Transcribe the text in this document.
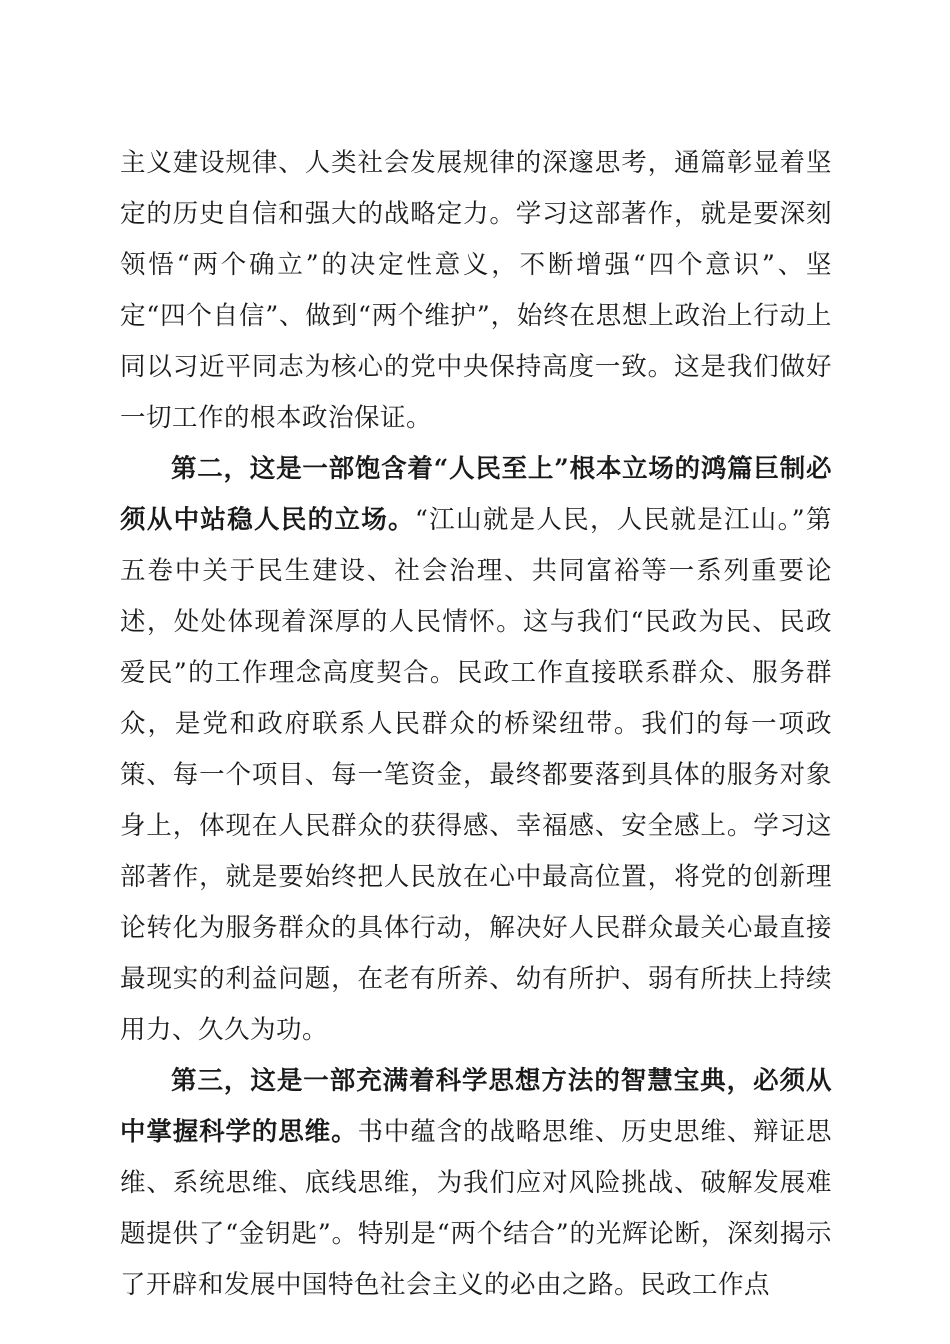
主义建设规律、人类社会发展规律的深邃思考，通篇彰显着坚定的历史自信和强大的战略定力。学习这部著作，就是要深刻领悟“两个确立”的决定性意义，不断增强“四个意识”、坚定“四个自信”、做到“两个维护”，始终在思想上政治上行动上同以习近平同志为核心的党中央保持高度一致。这是我们做好一切工作的根本政治保证。

第二，这是一部饱含着“人民至上”根本立场的鸿篇巨制必须从中站稳人民的立场。“江山就是人民，人民就是江山。”第五卷中关于民生建设、社会治理、共同富裕等一系列重要论述，处处体现着深厚的人民情怀。这与我们“民政为民、民政爱民”的工作理念高度契合。民政工作直接联系群众、服务群众，是党和政府联系人民群众的桥梁纽带。我们的每一项政策、每一个项目、每一笔资金，最终都要落到具体的服务对象身上，体现在人民群众的获得感、幸福感、安全感上。学习这部著作，就是要始终把人民放在心中最高位置，将党的创新理论转化为服务群众的具体行动，解决好人民群众最关心最直接最现实的利益问题，在老有所养、幼有所护、弱有所扶上持续用力、久久为功。

第三，这是一部充满着科学思想方法的智慧宝典，必须从中掌握科学的思维。书中蕴含的战略思维、历史思维、辩证思维、系统思维、底线思维，为我们应对风险挑战、破解发展难题提供了“金钥匙”。特别是“两个结合”的光辉论断，深刻揭示了开辟和发展中国特色社会主义的必由之路。民政工作点
